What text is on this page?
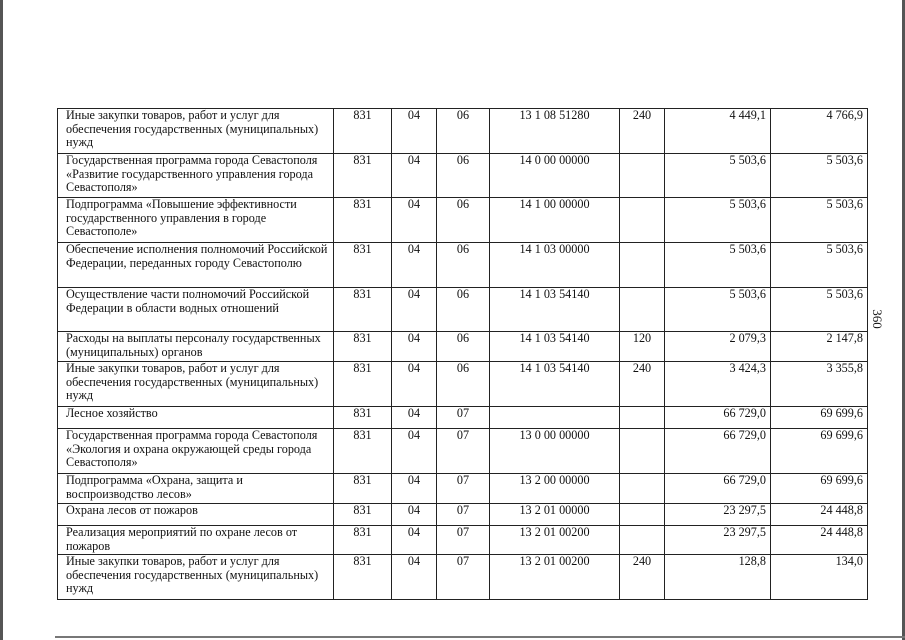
Иные закупки товаров, работ и услуг для обеспечения государственных (муниципальных) нужд	831	04	06	13 1 08 51280	240	4 449,1	4 766,9
Государственная программа города Севастополя «Развитие государственного управления города Севастополя»	831	04	06	14 0 00 00000		5 503,6	5 503,6
Подпрограмма «Повышение эффективности государственного управления в городе Севастополе»	831	04	06	14 1 00 00000		5 503,6	5 503,6
Обеспечение исполнения полномочий Российской Федерации, переданных городу Севастополю	831	04	06	14 1 03 00000		5 503,6	5 503,6
Осуществление части полномочий Российской Федерации в области водных отношений	831	04	06	14 1 03 54140		5 503,6	5 503,6
Расходы на выплаты персоналу государственных (муниципальных) органов	831	04	06	14 1 03 54140	120	2 079,3	2 147,8
Иные закупки товаров, работ и услуг для обеспечения государственных (муниципальных) нужд	831	04	06	14 1 03 54140	240	3 424,3	3 355,8
Лесное хозяйство	831	04	07			66 729,0	69 699,6
Государственная программа города Севастополя «Экология и охрана окружающей среды города Севастополя»	831	04	07	13 0 00 00000		66 729,0	69 699,6
Подпрограмма «Охрана, защита и воспроизводство лесов»	831	04	07	13 2 00 00000		66 729,0	69 699,6
Охрана лесов от пожаров	831	04	07	13 2 01 00000		23 297,5	24 448,8
Реализация мероприятий по охране лесов от пожаров	831	04	07	13 2 01 00200		23 297,5	24 448,8
Иные закупки товаров, работ и услуг для обеспечения государственных (муниципальных) нужд	831	04	07	13 2 01 00200	240	128,8	134,0
360
